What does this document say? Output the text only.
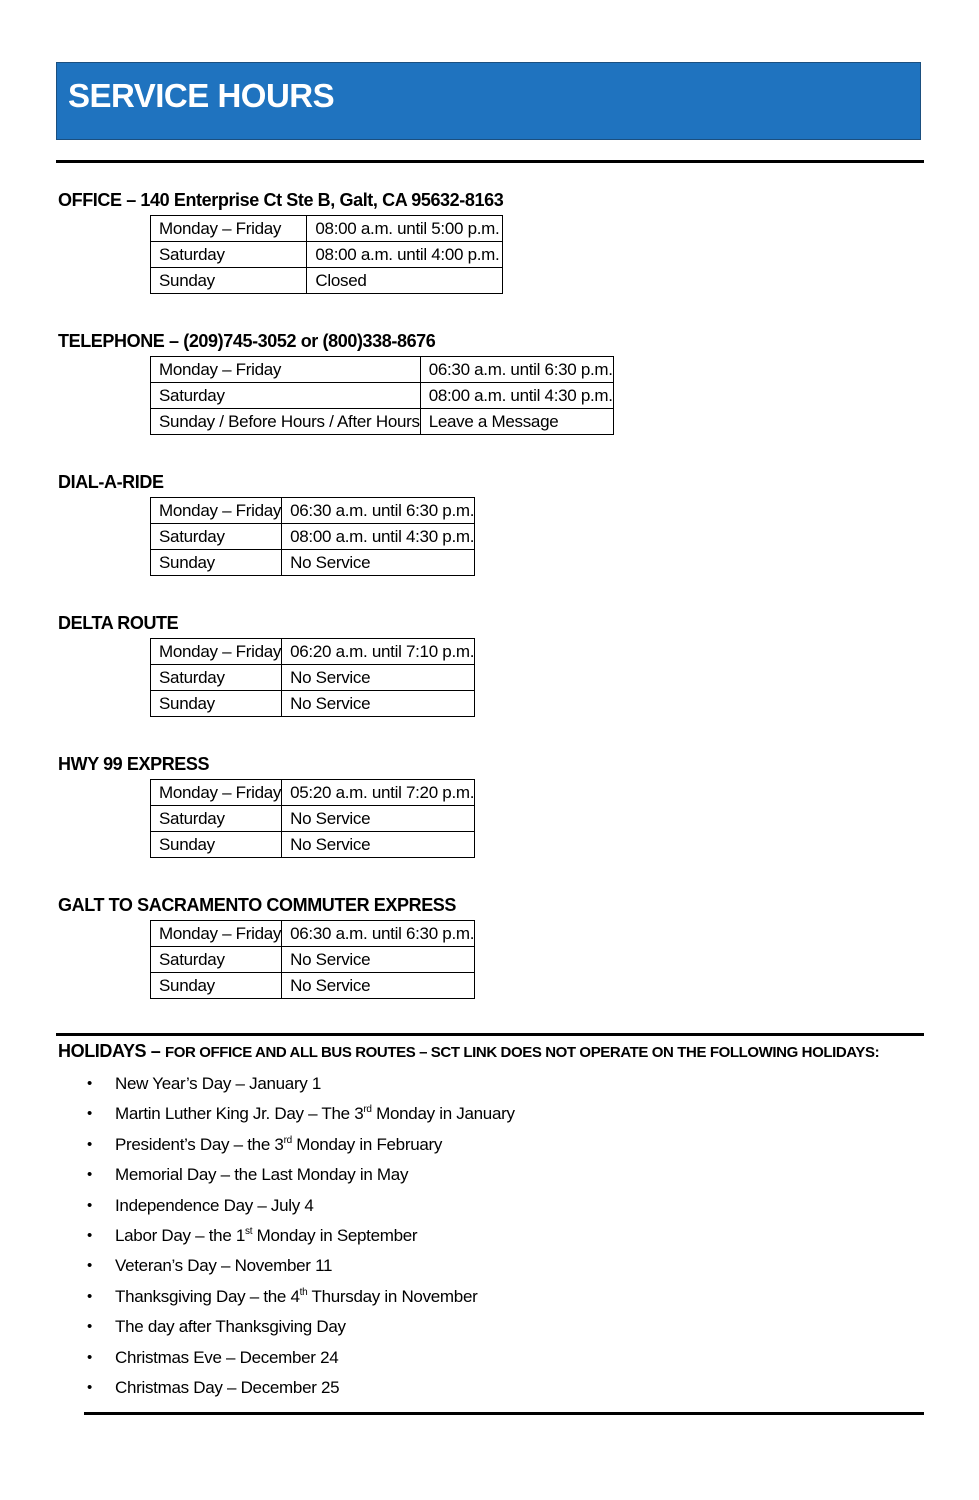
SERVICE HOURS
OFFICE – 140 Enterprise Ct Ste B, Galt, CA 95632-8163
Monday – Friday	08:00 a.m. until 5:00 p.m.
Saturday	08:00 a.m. until 4:00 p.m.
Sunday	Closed
TELEPHONE – (209)745-3052 or (800)338-8676
Monday – Friday	06:30 a.m. until 6:30 p.m.
Saturday	08:00 a.m. until 4:30 p.m.
Sunday / Before Hours / After Hours	Leave a Message
DIAL-A-RIDE
Monday – Friday	06:30 a.m. until 6:30 p.m.
Saturday	08:00 a.m. until 4:30 p.m.
Sunday	No Service
DELTA ROUTE
Monday – Friday	06:20 a.m. until 7:10 p.m.
Saturday	No Service
Sunday	No Service
HWY 99 EXPRESS
Monday – Friday	05:20 a.m. until 7:20 p.m.
Saturday	No Service
Sunday	No Service
GALT TO SACRAMENTO COMMUTER EXPRESS
Monday – Friday	06:30 a.m. until 6:30 p.m.
Saturday	No Service
Sunday	No Service
HOLIDAYS – FOR OFFICE AND ALL BUS ROUTES – SCT LINK DOES NOT OPERATE ON THE FOLLOWING HOLIDAYS:
• New Year’s Day – January 1
• Martin Luther King Jr. Day – The 3rd Monday in January
• President’s Day – the 3rd Monday in February
• Memorial Day – the Last Monday in May
• Independence Day – July 4
• Labor Day – the 1st Monday in September
• Veteran’s Day – November 11
• Thanksgiving Day – the 4th Thursday in November
• The day after Thanksgiving Day
• Christmas Eve – December 24
• Christmas Day – December 25
